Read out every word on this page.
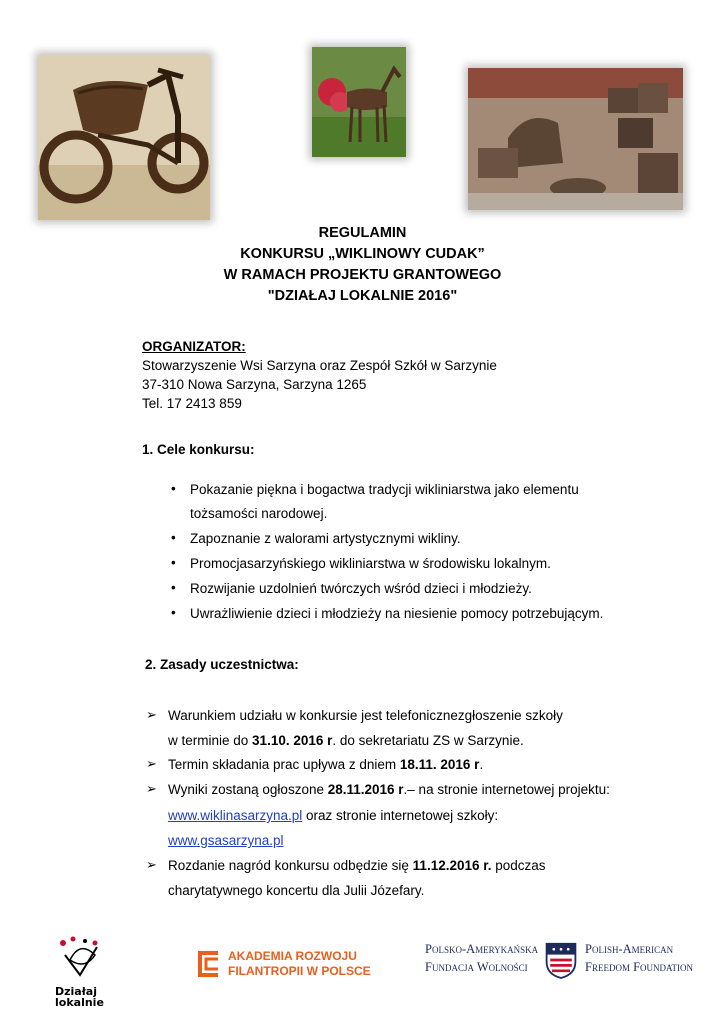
REGULAMIN
KONKURSU „WIKLINOWY CUDAK”
W RAMACH PROJEKTU GRANTOWEGO
"DZIAŁAJ LOKALNIE 2016"
ORGANIZATOR:
Stowarzyszenie Wsi Sarzyna oraz Zespół Szkół w Sarzynie
37-310 Nowa Sarzyna, Sarzyna 1265
Tel. 17 2413 859
1. Cele konkursu:
• Pokazanie piękna i bogactwa tradycji wikliniarstwa jako elementu
tożsamości narodowej.
• Zapoznanie z walorami artystycznymi wikliny.
• Promocjasarzyńskiego wikliniarstwa w środowisku lokalnym.
• Rozwijanie uzdolnień twórczych wśród dzieci i młodzieży.
• Uwrażliwienie dzieci i młodzieży na niesienie pomocy potrzebującym.
2. Zasady uczestnictwa:
➢ Warunkiem udziału w konkursie jest telefonicznezgłoszenie szkoły
w terminie do 31.10. 2016 r. do sekretariatu ZS w Sarzynie.
➢ Termin składania prac upływa z dniem 18.11. 2016 r.
➢ Wyniki zostaną ogłoszone 28.11.2016 r.– na stronie internetowej projektu:
www.wiklinasarzyna.pl oraz stronie internetowej szkoły:
www.gsasarzyna.pl
➢ Rozdanie nagród konkursu odbędzie się 11.12.2016 r. podczas
charytatywnego koncertu dla Julii Józefary.
Działaj
lokalnie
AKADEMIA ROZWOJU
FILANTROPII W POLSCE
Polsko-Amerykańska
Fundacja Wolności
Polish-American
Freedom Foundation
